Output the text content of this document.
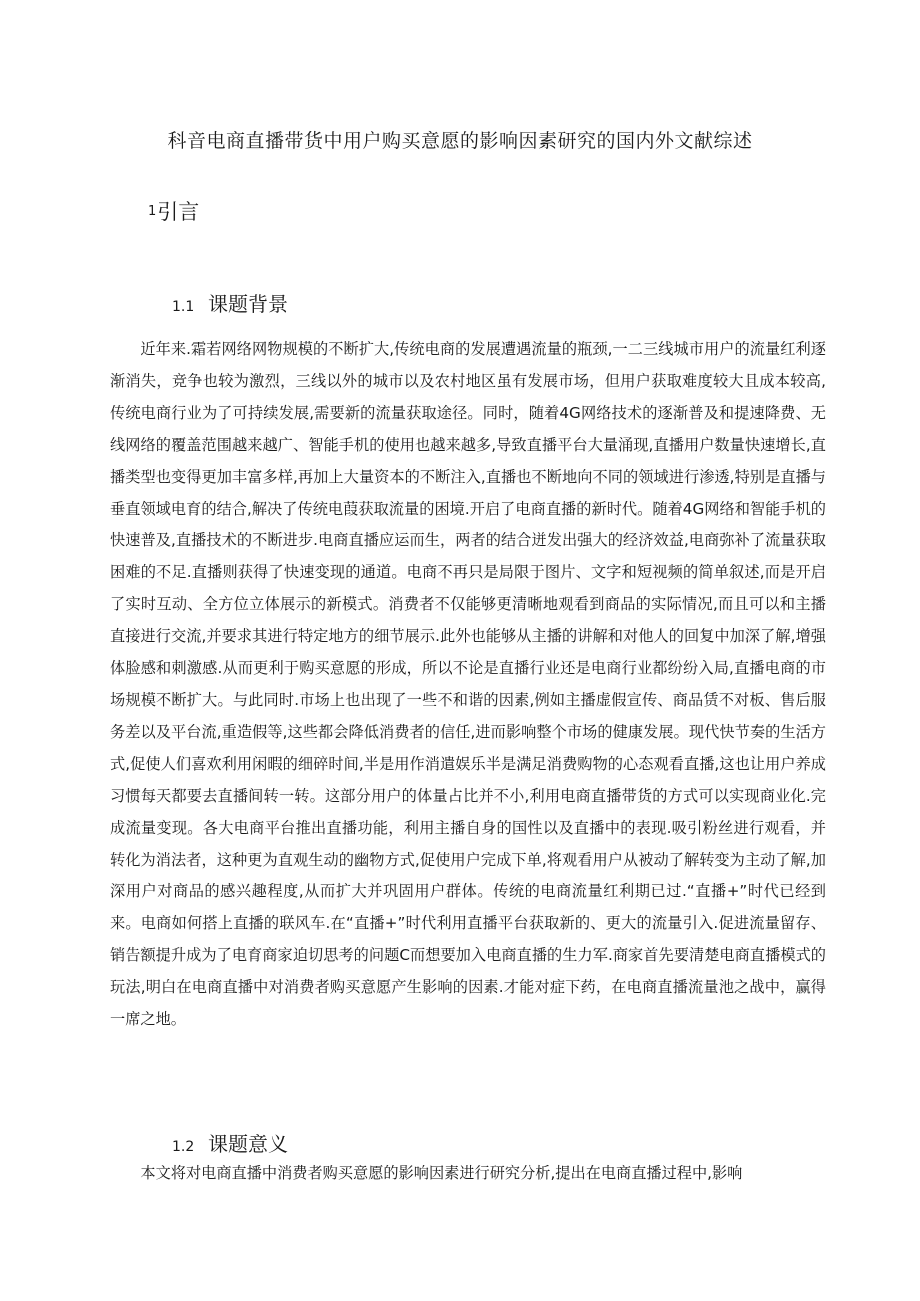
科音电商直播带货中用户购买意愿的影响因素研究的国内外文献综述
1引言
1.1 课题背景

近年来.霜若网络网物规模的不断扩大,传统电商的发展遭遇流量的瓶颈,一二三线城市用户的流量红利逐渐消失，竞争也较为激烈，三线以外的城市以及农村地区虽有发展市场，但用户获取难度较大且成本较高,传统电商行业为了可持续发展,需要新的流量获取途径。同时，随着4G网络技术的逐渐普及和提速降费、无线网络的覆盖范围越来越广、智能手机的使用也越来越多,导致直播平台大量涌现,直播用户数量快速增长,直播类型也变得更加丰富多样,再加上大量资本的不断注入,直播也不断地向不同的领域进行渗透,特别是直播与垂直领域电育的结合,解决了传统电葭获取流量的困境.开启了电商直播的新时代。随着4G网络和智能手机的快速普及,直播技术的不断进步.电商直播应运而生，两者的结合迸发出强大的经济效益,电商弥补了流量获取困难的不足.直播则获得了快速变现的通道。电商不再只是局限于图片、文字和短视频的简单叙述,而是开启了实时互动、全方位立体展示的新模式。消费者不仅能够更清晰地观看到商品的实际情况,而且可以和主播直接进行交流,并要求其进行特定地方的细节展示.此外也能够从主播的讲解和对他人的回复中加深了解,增强体脸感和刺激感.从而更利于购买意愿的形成，所以不论是直播行业还是电商行业都纷纷入局,直播电商的市场规模不断扩大。与此同时.市场上也出现了一些不和谐的因素,例如主播虚假宣传、商品赁不对板、售后服务差以及平台流,重造假等,这些都会降低消费者的信任,进而影响整个市场的健康发展。现代快节奏的生活方式,促使人们喜欢利用闲暇的细碎时间,半是用作消遣娱乐半是满足消费购物的心态观看直播,这也让用户养成习惯每天都要去直播间转一转。这部分用户的体量占比并不小,利用电商直播带货的方式可以实现商业化.完成流量变现。各大电商平台推出直播功能，利用主播自身的国性以及直播中的表现.吸引粉丝进行观看，并转化为消法者，这种更为直观生动的幽物方式,促使用户完成下单,将观看用户从被动了解转变为主动了解,加深用户对商品的感兴趣程度,从而扩大并巩固用户群体。传统的电商流量红利期已过.“直播+”时代已经到来。电商如何搭上直播的联风车.在“直播+”时代利用直播平台获取新的、更大的流量引入.促进流量留存、销告额提升成为了电育商家迫切思考的问题C而想要加入电商直播的生力军.商家首先要清楚电商直播模式的玩法,明白在电商直播中对消费者购买意愿产生影响的因素.才能对症下药，在电商直播流量池之战中，赢得一席之地。

1.2 课题意义

本文将对电商直播中消费者购买意愿的影响因素进行研究分析,提出在电商直播过程中,影响
